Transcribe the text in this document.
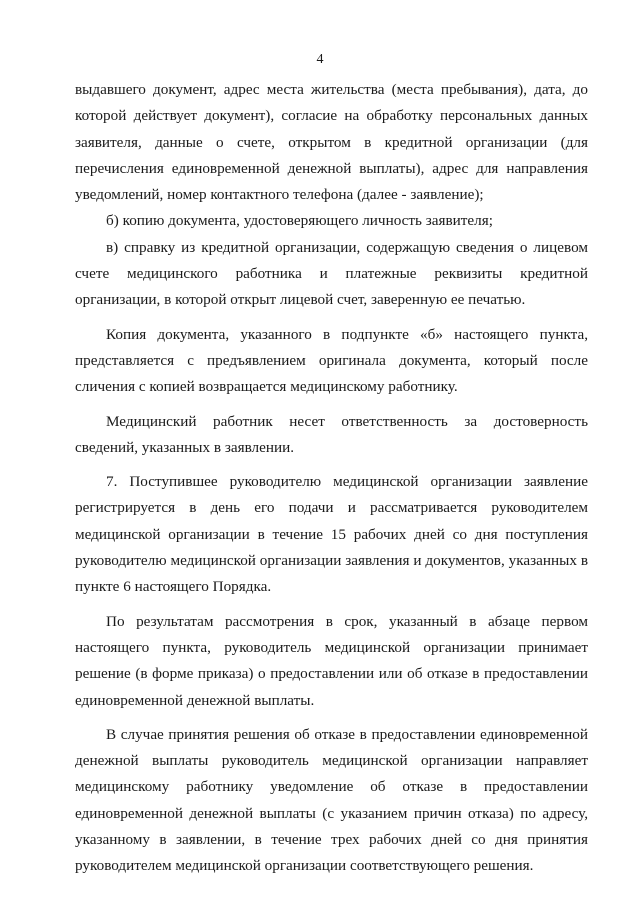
4

выдавшего документ, адрес места жительства (места пребывания), дата, до которой действует документ), согласие на обработку персональных данных заявителя, данные о счете, открытом в кредитной организации (для перечисления единовременной денежной выплаты), адрес для направления уведомлений, номер контактного телефона (далее - заявление);

б) копию документа, удостоверяющего личность заявителя;

в) справку из кредитной организации, содержащую сведения о лицевом счете медицинского работника и платежные реквизиты кредитной организации, в которой открыт лицевой счет, заверенную ее печатью.

Копия документа, указанного в подпункте «б» настоящего пункта, представляется с предъявлением оригинала документа, который после сличения с копией возвращается медицинскому работнику.

Медицинский работник несет ответственность за достоверность сведений, указанных в заявлении.

7. Поступившее руководителю медицинской организации заявление регистрируется в день его подачи и рассматривается руководителем медицинской организации в течение 15 рабочих дней со дня поступления руководителю медицинской организации заявления и документов, указанных в пункте 6 настоящего Порядка.

По результатам рассмотрения в срок, указанный в абзаце первом настоящего пункта, руководитель медицинской организации принимает решение (в форме приказа) о предоставлении или об отказе в предоставлении единовременной денежной выплаты.

В случае принятия решения об отказе в предоставлении единовременной денежной выплаты руководитель медицинской организации направляет медицинскому работнику уведомление об отказе в предоставлении единовременной денежной выплаты (с указанием причин отказа) по адресу, указанному в заявлении, в течение трех рабочих дней со дня принятия руководителем медицинской организации соответствующего решения.
